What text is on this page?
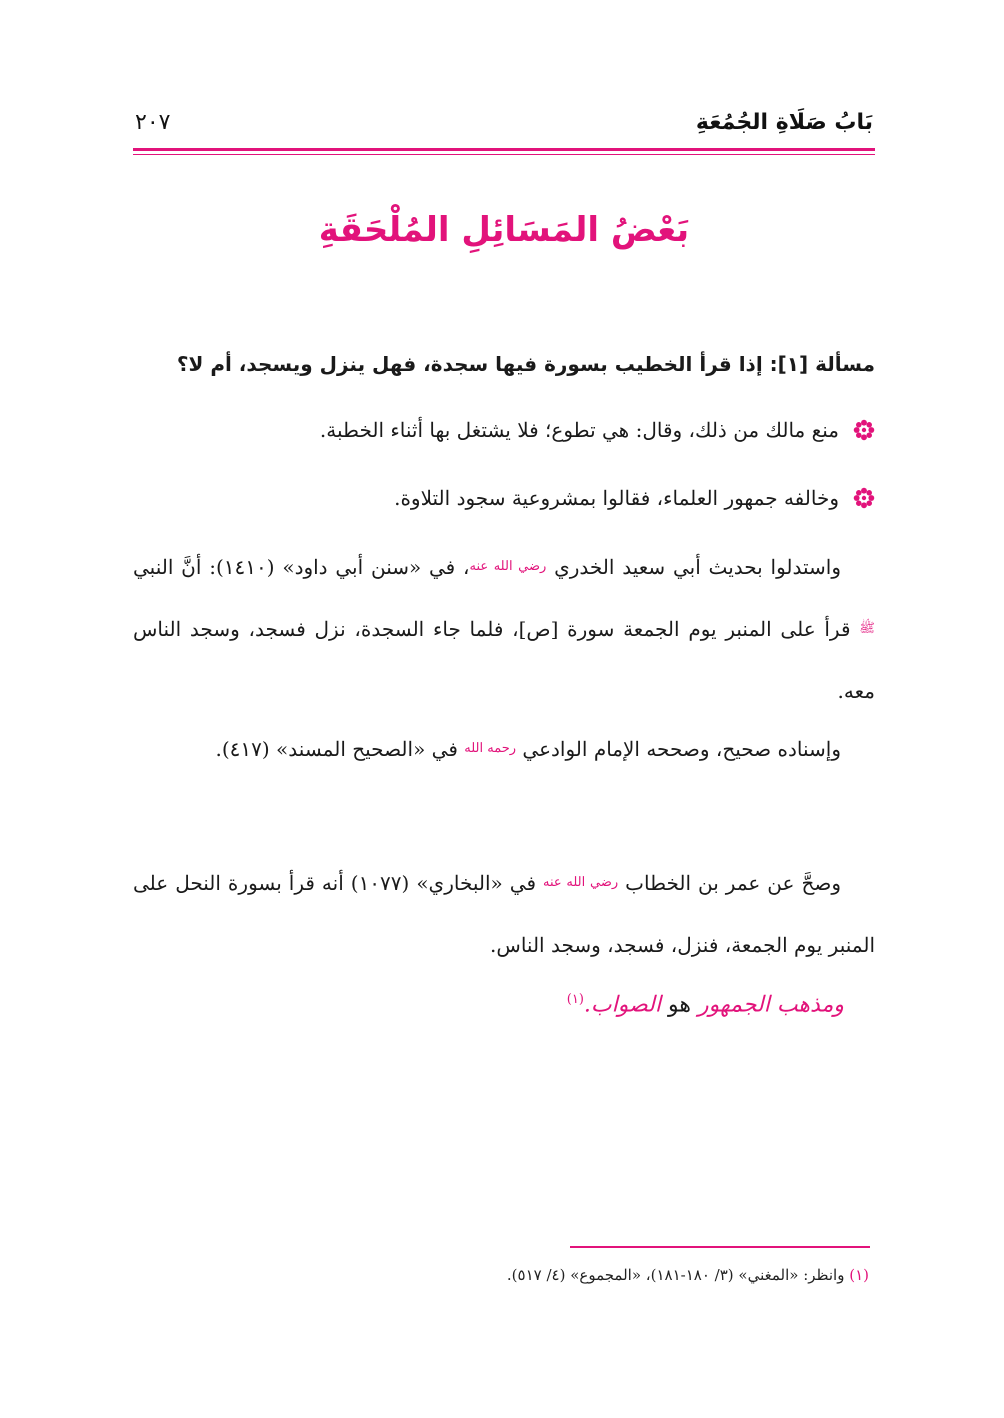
بَابُ صَلَاةِ الجُمُعَةِ
٢٠٧
بَعْضُ المَسَائِلِ المُلْحَقَةِ
مسألة [١]: إذا قرأ الخطيب بسورة فيها سجدة، فهل ينزل ويسجد، أم لا؟
منع مالك من ذلك، وقال: هي تطوع؛ فلا يشتغل بها أثناء الخطبة.
وخالفه جمهور العلماء، فقالوا بمشروعية سجود التلاوة.

واستدلوا بحديث أبي سعيد الخدري $^{رضي الله عنه}$، في «سنن أبي داود» (١٤١٠): أنَّ النبي $^ﷺ$ قرأ على المنبر يوم الجمعة سورة [ص]، فلما جاء السجدة، نزل فسجد، وسجد الناس معه.

وإسناده صحيح، وصححه الإمام الوادعي $^{رحمه الله}$ في «الصحيح المسند» (٤١٧).

وصحَّ عن عمر بن الخطاب $^{رضي الله عنه}$ في «البخاري» (١٠٧٧) أنه قرأ بسورة النحل على المنبر يوم الجمعة، فنزل، فسجد، وسجد الناس.

ومذهب الجمهور هو الصواب.$^{(١)}$
(١) وانظر: «المغني» (٣/ ١٨٠-١٨١)، «المجموع» (٤/ ٥١٧).
